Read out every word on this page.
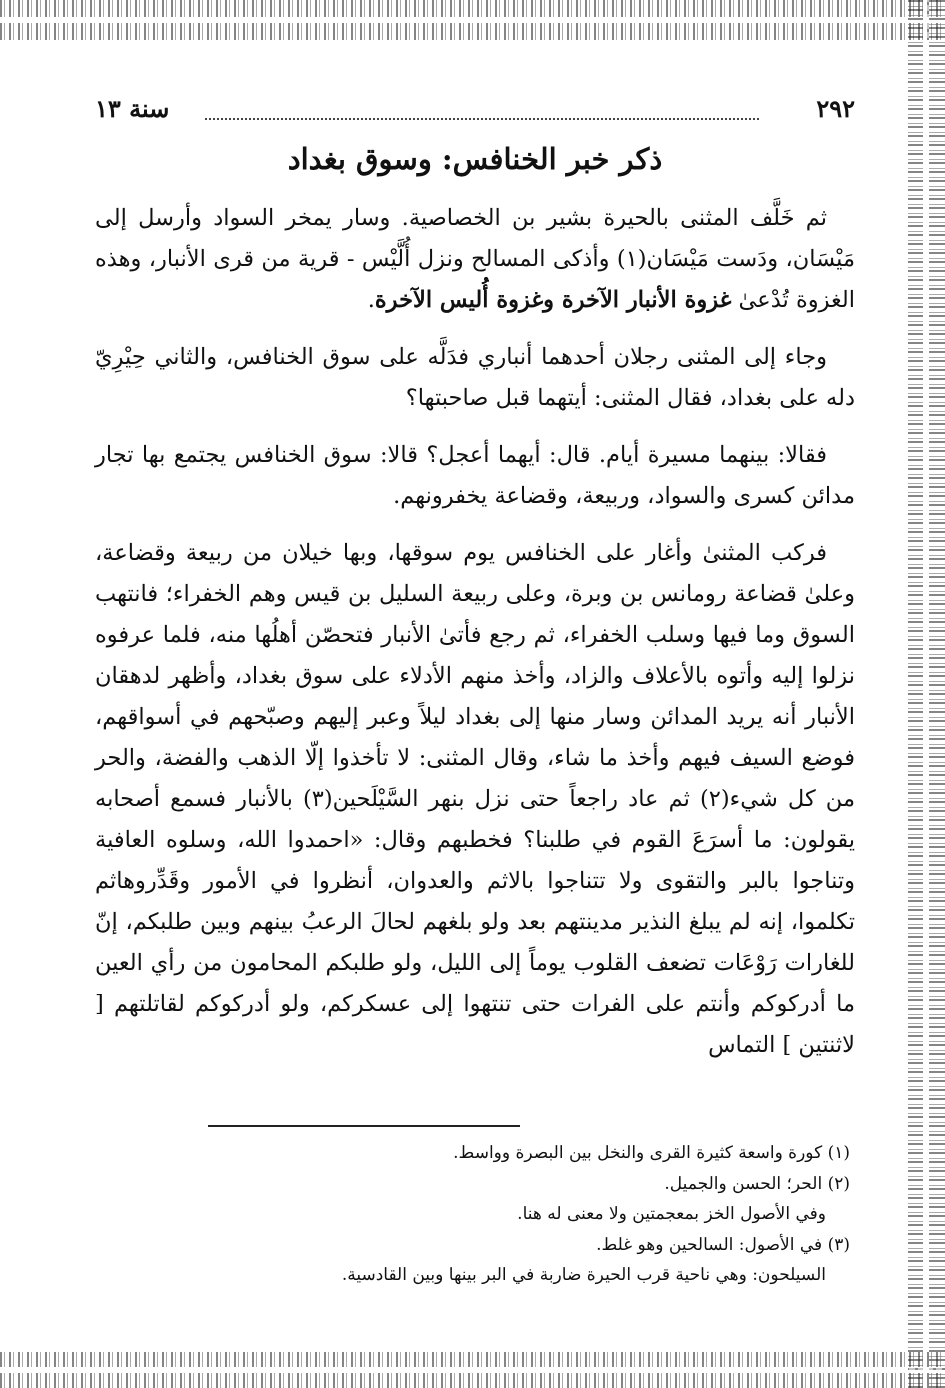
٢٩٢
سنة ١٣
ذكر خبر الخنافس: وسوق بغداد

ثم خَلَّف المثنى بالحيرة بشير بن الخصاصية. وسار يمخر السواد وأرسل إلى مَيْسَان، ودَست مَيْسَان(١) وأذكى المسالح ونزل أُلَّيْس - قرية من قرى الأنبار، وهذه الغزوة تُدْعىٰ غزوة الأنبار الآخرة وغزوة أُليس الآخرة.

وجاء إلى المثنى رجلان أحدهما أنباري فدَلَّه على سوق الخنافس، والثاني حِيْرِيّ دله على بغداد، فقال المثنى: أيتهما قبل صاحبتها؟

فقالا: بينهما مسيرة أيام. قال: أيهما أعجل؟ قالا: سوق الخنافس يجتمع بها تجار مدائن كسرى والسواد، وربيعة، وقضاعة يخفرونهم.

فركب المثنىٰ وأغار على الخنافس يوم سوقها، وبها خيلان من ربيعة وقضاعة، وعلىٰ قضاعة رومانس بن وبرة، وعلى ربيعة السليل بن قيس وهم الخفراء؛ فانتهب السوق وما فيها وسلب الخفراء، ثم رجع فأتىٰ الأنبار فتحصّن أهلُها منه، فلما عرفوه نزلوا إليه وأتوه بالأعلاف والزاد، وأخذ منهم الأدلاء على سوق بغداد، وأظهر لدهقان الأنبار أنه يريد المدائن وسار منها إلى بغداد ليلاً وعبر إليهم وصبّحهم في أسواقهم، فوضع السيف فيهم وأخذ ما شاء، وقال المثنى: لا تأخذوا إلّا الذهب والفضة، والحر من كل شيء(٢) ثم عاد راجعاً حتى نزل بنهر السَّيْلَحين(٣) بالأنبار فسمع أصحابه يقولون: ما أسرَعَ القوم في طلبنا؟ فخطبهم وقال: «احمدوا الله، وسلوه العافية وتناجوا بالبر والتقوى ولا تتناجوا بالاثم والعدوان، أنظروا في الأمور وقَدِّروهاثم تكلموا، إنه لم يبلغ النذير مدينتهم بعد ولو بلغهم لحالَ الرعبُ بينهم وبين طلبكم، إنّ للغارات رَوْعَات تضعف القلوب يوماً إلى الليل، ولو طلبكم المحامون من رأي العين ما أدركوكم وأنتم على الفرات حتى تنتهوا إلى عسكركم، ولو أدركوكم لقاتلتهم [ لاثنتين ] التماس

(١) كورة واسعة كثيرة القرى والنخل بين البصرة وواسط.
(٢) الحر؛ الحسن والجميل.
وفي الأصول الخز بمعجمتين ولا معنى له هنا.
(٣) في الأصول: السالحين وهو غلط.
السيلحون: وهي ناحية قرب الحيرة ضاربة في البر بينها وبين القادسية.
